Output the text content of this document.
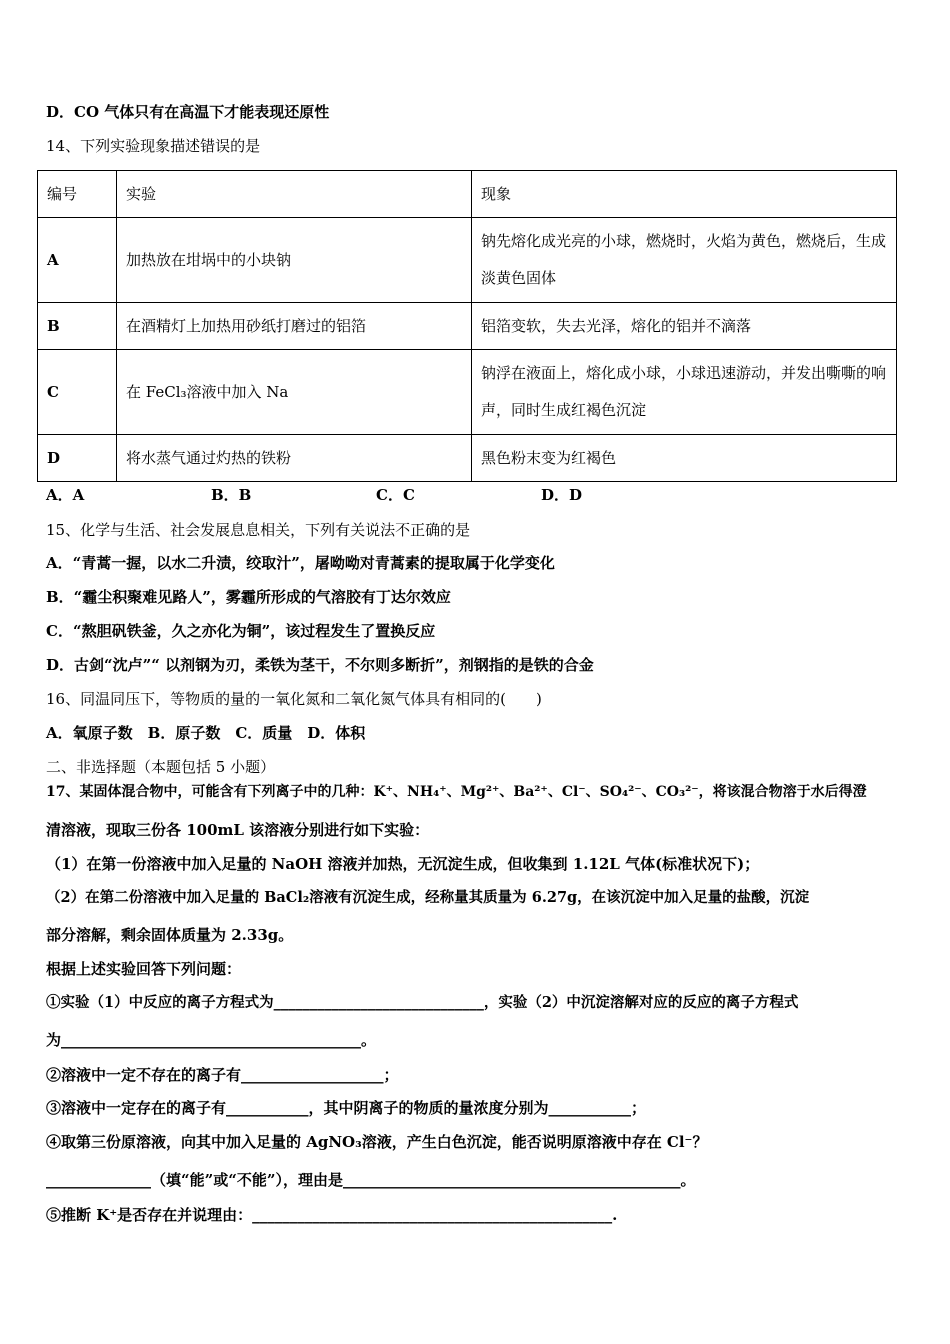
D．CO 气体只有在高温下才能表现还原性
14、下列实验现象描述错误的是
编号	实验	现象
A	加热放在坩埚中的小块钠	钠先熔化成光亮的小球，燃烧时，火焰为黄色，燃烧后，生成淡黄色固体
B	在酒精灯上加热用砂纸打磨过的铝箔	铝箔变软，失去光泽，熔化的铝并不滴落
C	在 FeCl₃溶液中加入 Na	钠浮在液面上，熔化成小球，小球迅速游动，并发出嘶嘶的响声，同时生成红褐色沉淀
D	将水蒸气通过灼热的铁粉	黑色粉末变为红褐色
A．A	B．B	C．C	D．D
15、化学与生活、社会发展息息相关，下列有关说法不正确的是
A．“青蒿一握，以水二升渍，绞取汁”，屠呦呦对青蒿素的提取属于化学变化
B．“霾尘积聚难见路人”，雾霾所形成的气溶胶有丁达尔效应
C．“熬胆矾铁釜，久之亦化为铜”，该过程发生了置换反应
D．古剑“沈卢”“ 以剂钢为刃，柔铁为茎干，不尔则多断折”，剂钢指的是铁的合金
16、同温同压下，等物质的量的一氧化氮和二氧化氮气体具有相同的(　　)
A．氧原子数　B．原子数　C．质量　D．体积
二、非选择题（本题包括 5 小题）
17、某固体混合物中，可能含有下列离子中的几种：K⁺、NH₄⁺、Mg²⁺、Ba²⁺、Cl⁻、SO₄²⁻、CO₃²⁻，将该混合物溶于水后得澄
清溶液，现取三份各 100mL 该溶液分别进行如下实验：
（1）在第一份溶液中加入足量的 NaOH 溶液并加热，无沉淀生成，但收集到 1.12L 气体(标准状况下)；
（2）在第二份溶液中加入足量的 BaCl₂溶液有沉淀生成，经称量其质量为 6.27g，在该沉淀中加入足量的盐酸，沉淀
部分溶解，剩余固体质量为 2.33g。
根据上述实验回答下列问题：
①实验（1）中反应的离子方程式为_____________________________，实验（2）中沉淀溶解对应的反应的离子方程式
为________________________________________。
②溶液中一定不存在的离子有___________________；
③溶液中一定存在的离子有___________，其中阴离子的物质的量浓度分别为___________；
④取第三份原溶液，向其中加入足量的 AgNO₃溶液，产生白色沉淀，能否说明原溶液中存在 Cl⁻？
______________（填“能”或“不能”），理由是_____________________________________________。
⑤推断 K⁺是否存在并说理由：________________________________________________.
